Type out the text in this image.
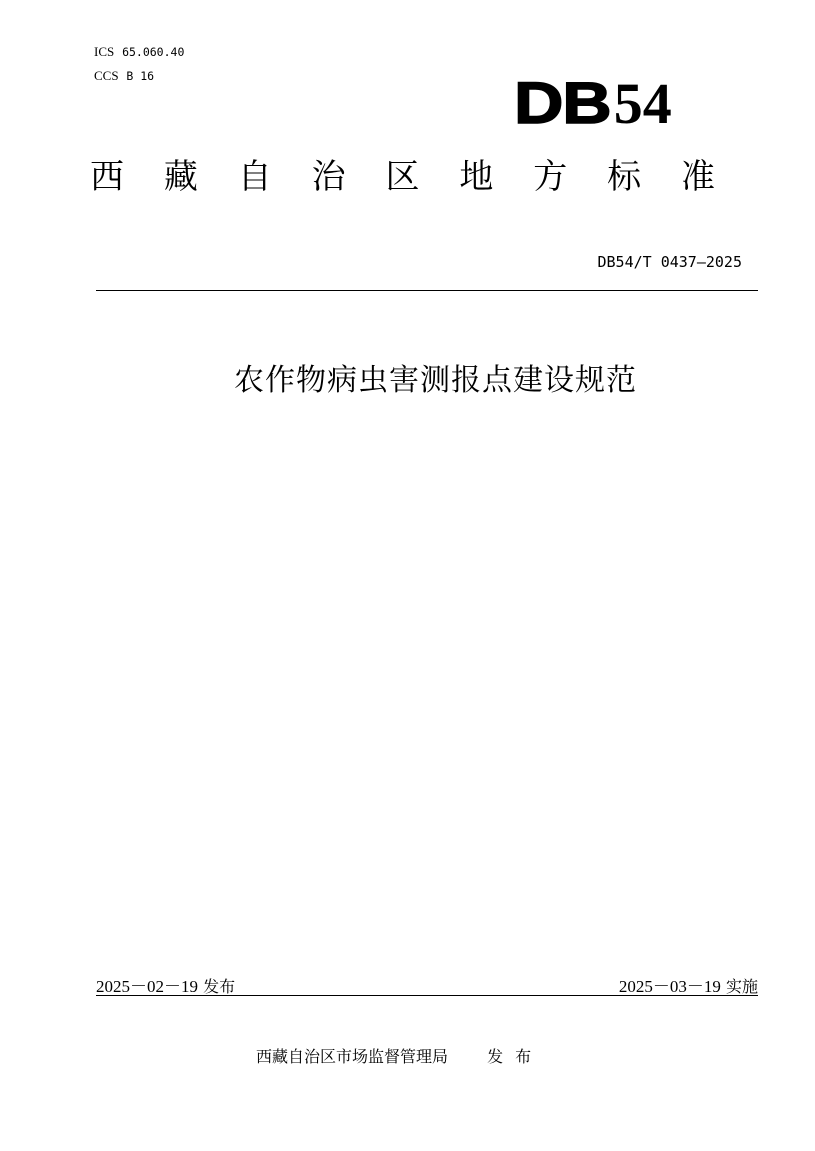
ICS 65.060.40
CCS B 16	DB 54
西 藏 自 治 区 地 方 标 准
DB54/T 0437—2025
农作物病虫害测报点建设规范
2025－02－19 发布	2025－03－19 实施
西藏自治区市场监督管理局 发布
